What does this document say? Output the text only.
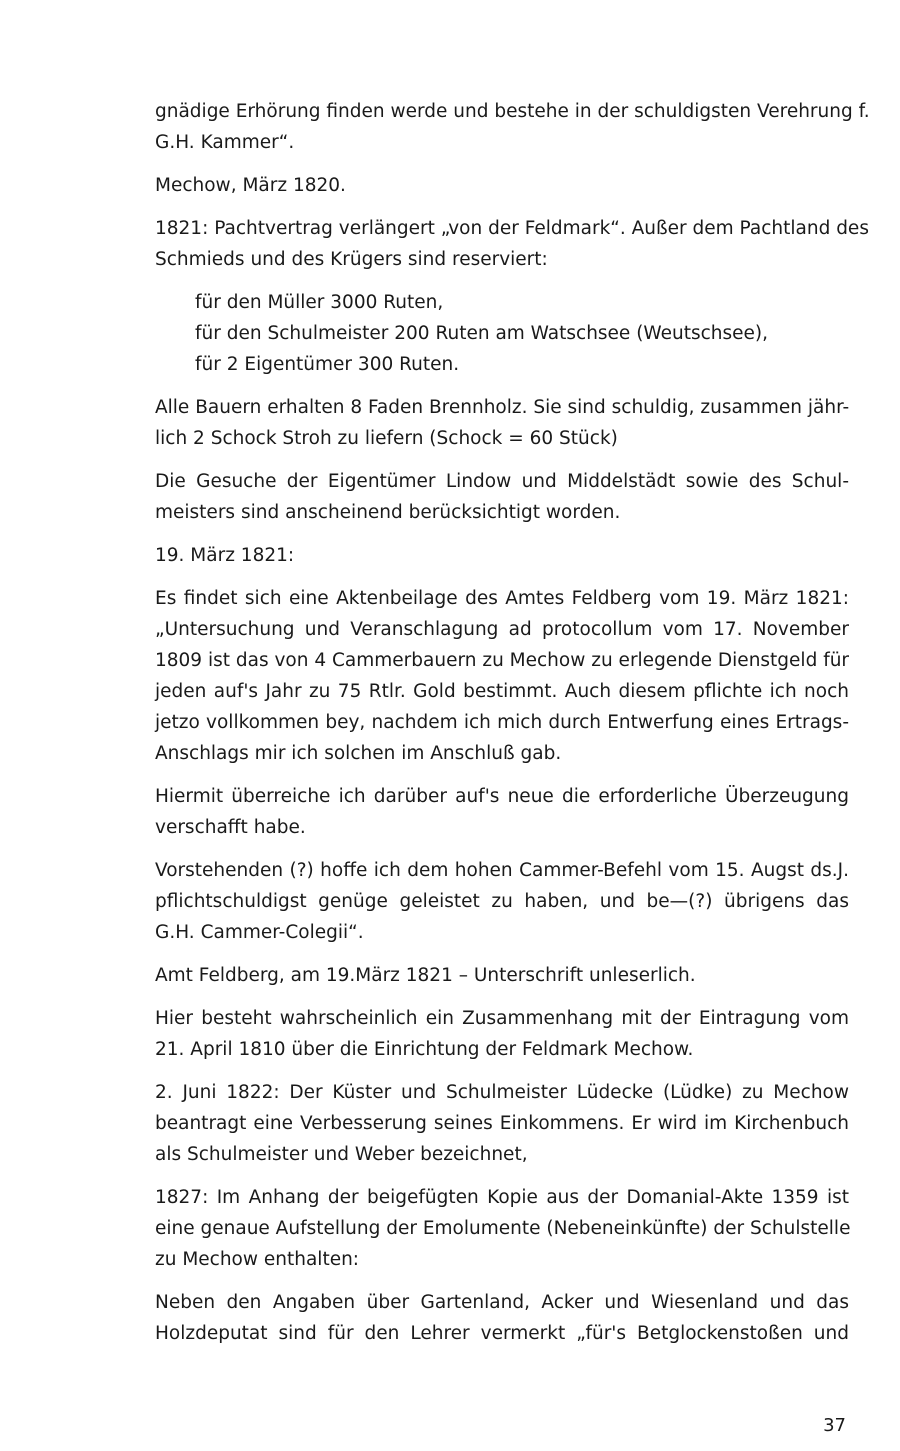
gnädige Erhörung finden werde und bestehe in der schuldigsten Verehrung f.
G.H. Kammer“.

Mechow, März 1820.

1821: Pachtvertrag verlängert „von der Feldmark“. Außer dem Pachtland des
Schmieds und des Krügers sind reserviert:

für den Müller 3000 Ruten,
für den Schulmeister 200 Ruten am Watschsee (Weutschsee),
für 2 Eigentümer 300 Ruten.

Alle Bauern erhalten 8 Faden Brennholz. Sie sind schuldig, zusammen jähr-
lich 2 Schock Stroh zu liefern (Schock = 60 Stück)

Die Gesuche der Eigentümer Lindow und Middelstädt sowie des Schul-
meisters sind anscheinend berücksichtigt worden.

19. März 1821:

Es findet sich eine Aktenbeilage des Amtes Feldberg vom 19. März 1821:
„Untersuchung und Veranschlagung ad protocollum vom 17. November
1809 ist das von 4 Cammerbauern zu Mechow zu erlegende Dienstgeld für
jeden auf's Jahr zu 75 Rtlr. Gold bestimmt. Auch diesem pflichte ich noch
jetzo vollkommen bey, nachdem ich mich durch Entwerfung eines Ertrags-
Anschlags mir ich solchen im Anschluß gab.

Hiermit überreiche ich darüber auf's neue die erforderliche Überzeugung
verschafft habe.

Vorstehenden (?) hoffe ich dem hohen Cammer-Befehl vom 15. Augst ds.J.
pflichtschuldigst genüge geleistet zu haben, und be—(?) übrigens das
G.H. Cammer-Colegii“.

Amt Feldberg, am 19.März 1821 – Unterschrift unleserlich.

Hier besteht wahrscheinlich ein Zusammenhang mit der Eintragung vom
21. April 1810 über die Einrichtung der Feldmark Mechow.

2. Juni 1822: Der Küster und Schulmeister Lüdecke (Lüdke) zu Mechow
beantragt eine Verbesserung seines Einkommens. Er wird im Kirchenbuch
als Schulmeister und Weber bezeichnet,

1827: Im Anhang der beigefügten Kopie aus der Domanial-Akte 1359 ist
eine genaue Aufstellung der Emolumente (Nebeneinkünfte) der Schulstelle
zu Mechow enthalten:

Neben den Angaben über Gartenland, Acker und Wiesenland und das
Holzdeputat sind für den Lehrer vermerkt „für's Betglockenstoßen und

37
